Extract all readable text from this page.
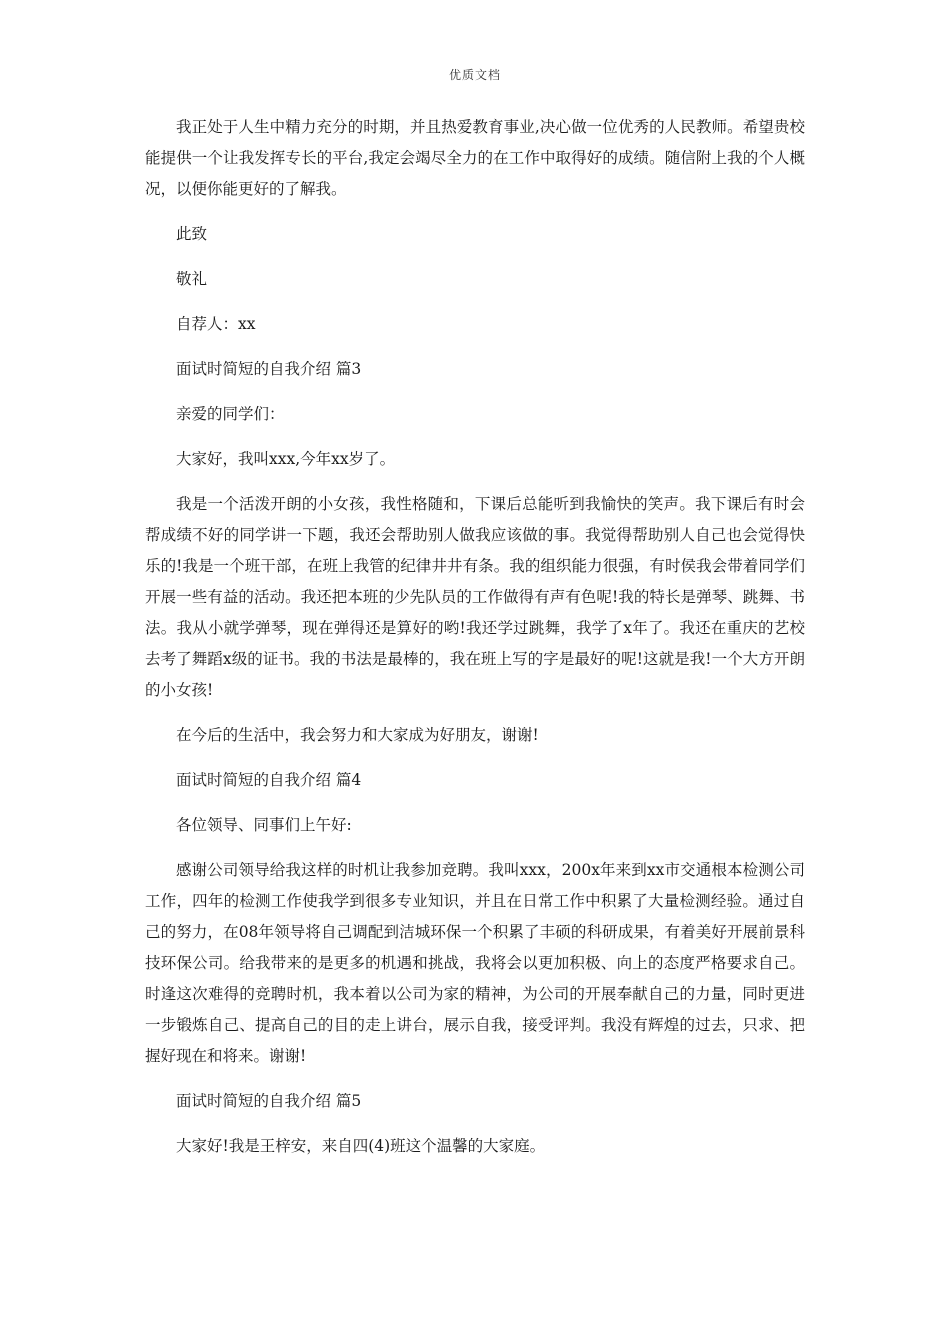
优质文档

我正处于人生中精力充分的时期，并且热爱教育事业,决心做一位优秀的人民教师。希望贵校能提供一个让我发挥专长的平台,我定会竭尽全力的在工作中取得好的成绩。随信附上我的个人概况，以便你能更好的了解我。

此致

敬礼

自荐人：xx

面试时简短的自我介绍 篇3

亲爱的同学们：

大家好，我叫xxx,今年xx岁了。

我是一个活泼开朗的小女孩，我性格随和，下课后总能听到我愉快的笑声。我下课后有时会帮成绩不好的同学讲一下题，我还会帮助别人做我应该做的事。我觉得帮助别人自己也会觉得快乐的!我是一个班干部，在班上我管的纪律井井有条。我的组织能力很强，有时侯我会带着同学们开展一些有益的活动。我还把本班的少先队员的工作做得有声有色呢!我的特长是弹琴、跳舞、书法。我从小就学弹琴，现在弹得还是算好的哟!我还学过跳舞，我学了x年了。我还在重庆的艺校去考了舞蹈x级的证书。我的书法是最棒的，我在班上写的字是最好的呢!这就是我!一个大方开朗的小女孩!

在今后的生活中，我会努力和大家成为好朋友，谢谢!

面试时简短的自我介绍 篇4

各位领导、同事们上午好:

感谢公司领导给我这样的时机让我参加竞聘。我叫xxx，200x年来到xx市交通根本检测公司工作，四年的检测工作使我学到很多专业知识，并且在日常工作中积累了大量检测经验。通过自己的努力，在08年领导将自己调配到洁城环保一个积累了丰硕的科研成果，有着美好开展前景科技环保公司。给我带来的是更多的机遇和挑战，我将会以更加积极、向上的态度严格要求自己。时逢这次难得的竞聘时机，我本着以公司为家的精神，为公司的开展奉献自己的力量，同时更进一步锻炼自己、提高自己的目的走上讲台，展示自我，接受评判。我没有辉煌的过去，只求、把握好现在和将来。谢谢!

面试时简短的自我介绍 篇5

大家好!我是王梓安，来自四(4)班这个温馨的大家庭。
